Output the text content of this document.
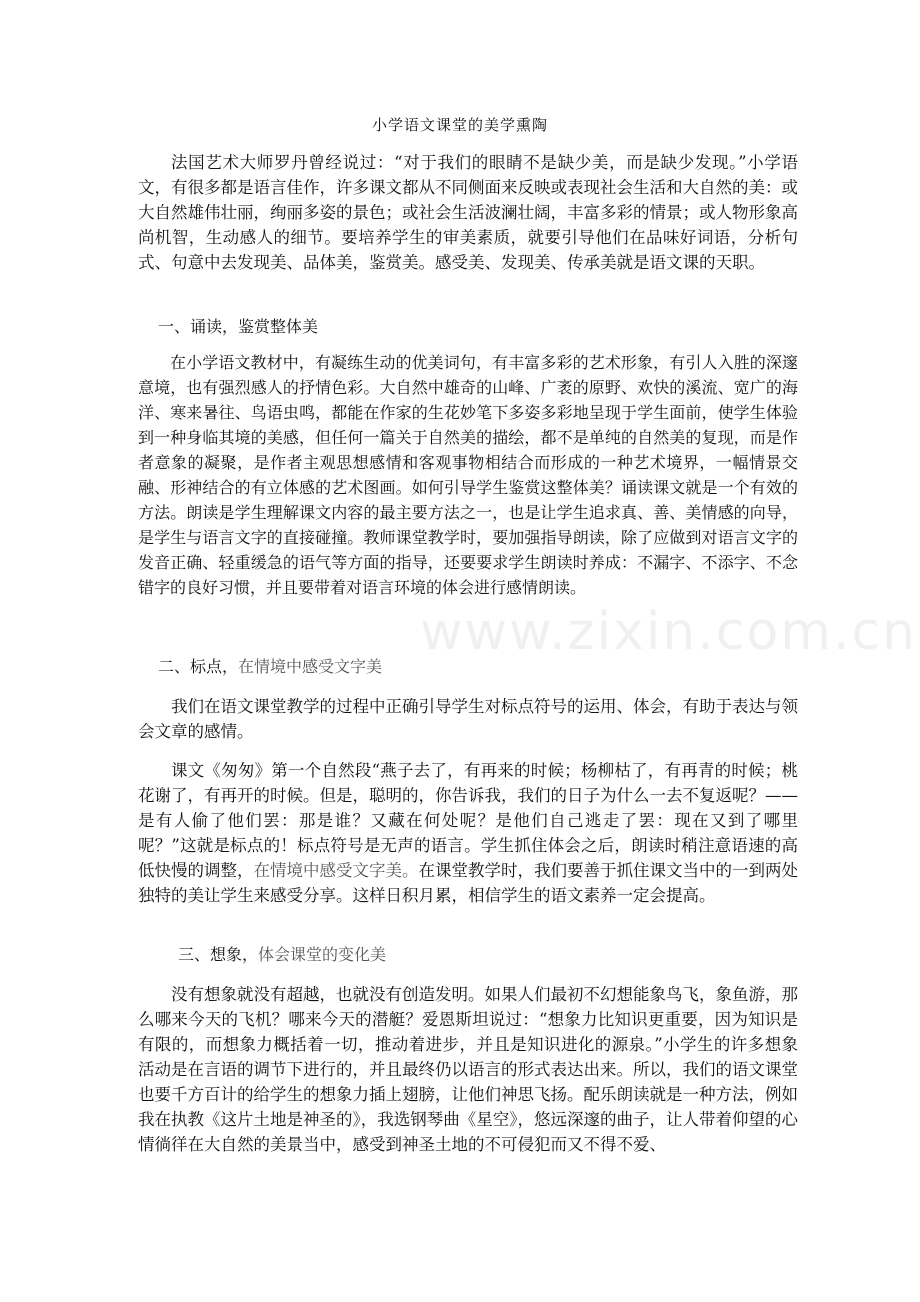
小学语文课堂的美学熏陶

法国艺术大师罗丹曾经说过：“对于我们的眼睛不是缺少美，而是缺少发现。”小学语文，有很多都是语言佳作，许多课文都从不同侧面来反映或表现社会生活和大自然的美：或大自然雄伟壮丽，绚丽多姿的景色；或社会生活波澜壮阔，丰富多彩的情景；或人物形象高尚机智，生动感人的细节。要培养学生的审美素质，就要引导他们在品味好词语，分析句式、句意中去发现美、品体美，鉴赏美。感受美、发现美、传承美就是语文课的天职。

一、诵读，鉴赏整体美

在小学语文教材中，有凝练生动的优美词句，有丰富多彩的艺术形象，有引人入胜的深邃意境，也有强烈感人的抒情色彩。大自然中雄奇的山峰、广袤的原野、欢快的溪流、宽广的海洋、寒来暑往、鸟语虫鸣，都能在作家的生花妙笔下多姿多彩地呈现于学生面前，使学生体验到一种身临其境的美感，但任何一篇关于自然美的描绘，都不是单纯的自然美的复现，而是作者意象的凝聚，是作者主观思想感情和客观事物相结合而形成的一种艺术境界，一幅情景交融、形神结合的有立体感的艺术图画。如何引导学生鉴赏这整体美？诵读课文就是一个有效的方法。朗读是学生理解课文内容的最主要方法之一，也是让学生追求真、善、美情感的向导，是学生与语言文字的直接碰撞。教师课堂教学时，要加强指导朗读，除了应做到对语言文字的发音正确、轻重缓急的语气等方面的指导，还要要求学生朗读时养成：不漏字、不添字、不念错字的良好习惯，并且要带着对语言环境的体会进行感情朗读。

二、标点，在情境中感受文字美

我们在语文课堂教学的过程中正确引导学生对标点符号的运用、体会，有助于表达与领会文章的感情。

课文《匆匆》第一个自然段“燕子去了，有再来的时候；杨柳枯了，有再青的时候；桃花谢了，有再开的时候。但是，聪明的，你告诉我，我们的日子为什么一去不复返呢？——是有人偷了他们罢：那是谁？又藏在何处呢？是他们自己逃走了罢：现在又到了哪里呢？”这就是标点的！标点符号是无声的语言。学生抓住体会之后，朗读时稍注意语速的高低快慢的调整，在情境中感受文字美。在课堂教学时，我们要善于抓住课文当中的一到两处独特的美让学生来感受分享。这样日积月累，相信学生的语文素养一定会提高。

三、想象，体会课堂的变化美

没有想象就没有超越，也就没有创造发明。如果人们最初不幻想能象鸟飞，象鱼游，那么哪来今天的飞机？哪来今天的潜艇？爱恩斯坦说过：“想象力比知识更重要，因为知识是有限的，而想象力概括着一切，推动着进步，并且是知识进化的源泉。”小学生的许多想象活动是在言语的调节下进行的，并且最终仍以语言的形式表达出来。所以，我们的语文课堂也要千方百计的给学生的想象力插上翅膀，让他们神思飞扬。配乐朗读就是一种方法，例如我在执教《这片土地是神圣的》，我选钢琴曲《星空》，悠远深邃的曲子，让人带着仰望的心情徜徉在大自然的美景当中，感受到神圣土地的不可侵犯而又不得不爱、

www.zixin.com.cn
